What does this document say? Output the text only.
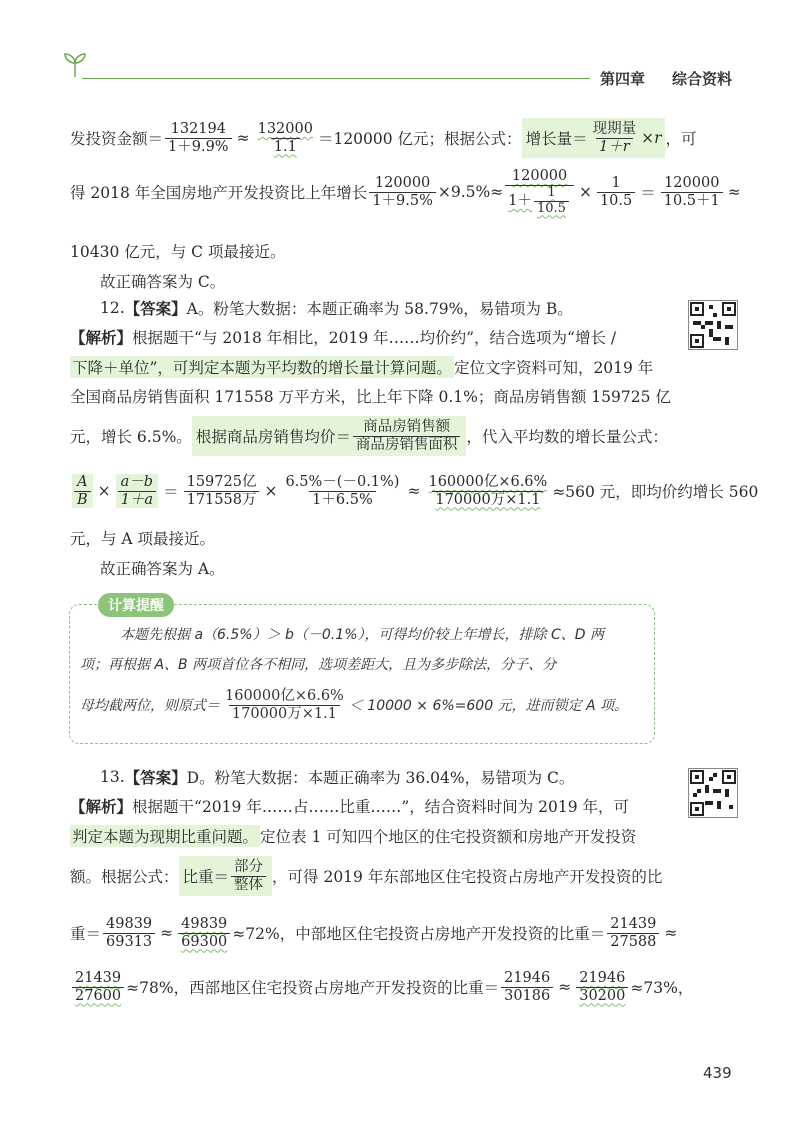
第四章 综合资料
发投资金额＝ $\frac{132194}{1+9.9\%} \approx \frac{132000}{1.1} =120000$ 亿元；根据公式： 增长量＝ $\frac{\text{现期量}}{1+r} \times r$ ，可
得 2018 年全国房地产开发投资比上年增长 $\frac{120000}{1+9.5\%} \times 9.5\%\approx \frac{120000}{1+ \frac{1}{10.5}} \times \frac{1}{10.5} = \frac{120000}{10.5+1}$ ≈
10430 亿元，与 C 项最接近。
故正确答案为 C。
12. 【答案】 A。粉笔大数据：本题正确率为 58.79%，易错项为 B。
【解析】 根据题干“与 2018 年相比，2019 年……均价约”，结合选项为“增长 /
下降＋单位”，可判定本题为平均数的增长量计算问题。 定位文字资料可知，2019 年
全国商品房销售面积 171558 万平方米，比上年下降 0.1%；商品房销售额 159725 亿
元，增长 6.5%。 根据商品房销售均价＝ $\frac{\text{商品房销售额}}{\text{商品房销售面积}}$ ，代入平均数的增长量公式：
$\frac{A}{B} \times \frac{a-b}{1+a} = \frac{\text{159725亿}}{\text{171558万}} \times \frac{6.5\%-(-0.1\%)}{1+6.5\%} \approx \frac{\text{160000亿×6.6\%}}{\text{170000万×1.1}} \approx 560$ 元，即均价约增长 560
元，与 A 项最接近。
故正确答案为 A。
计算提醒
本题先根据 a（6.5%）＞ b（－0.1%），可得均价较上年增长，排除 C、D 两
项；再根据 A、B 两项首位各不相同，选项差距大，且为多步除法，分子、分
母均截两位，则原式＝ $\frac{\text{160000亿×6.6\%}}{\text{170000万×1.1}} < 10000 \times 6\%=600$ 元，进而锁定 A 项。
13. 【答案】 D。粉笔大数据：本题正确率为 36.04%，易错项为 C。
【解析】 根据题干“2019 年……占……比重……”，结合资料时间为 2019 年，可
判定本题为现期比重问题。 定位表 1 可知四个地区的住宅投资额和房地产开发投资
额。根据公式： 比重＝ $\frac{\text{部分}}{\text{整体}}$ ，可得 2019 年东部地区住宅投资占房地产开发投资的比
重＝ $\frac{49839}{69313} \approx \frac{49839}{69300} \approx 72\%$，中部地区住宅投资占房地产开发投资的比重＝ $\frac{21439}{27588}$ ≈
$\frac{21439}{27600} \approx 78\%$，西部地区住宅投资占房地产开发投资的比重＝ $\frac{21946}{30186} \approx \frac{21946}{30200} \approx 73\%$，
439
